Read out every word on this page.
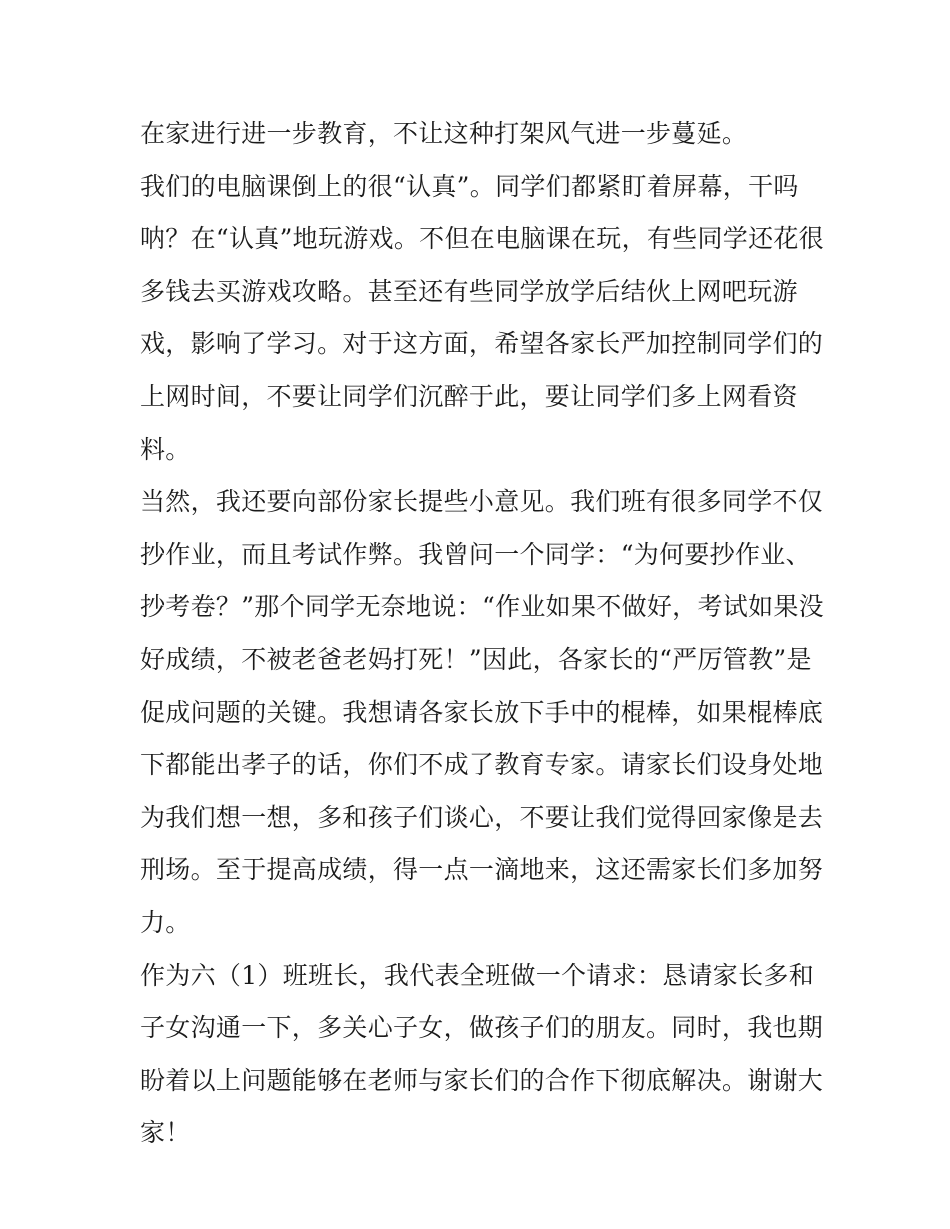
在家进行进一步教育，不让这种打架风气进一步蔓延。
我们的电脑课倒上的很“认真”。同学们都紧盯着屏幕，干吗
呐？在“认真”地玩游戏。不但在电脑课在玩，有些同学还花很
多钱去买游戏攻略。甚至还有些同学放学后结伙上网吧玩游
戏，影响了学习。对于这方面，希望各家长严加控制同学们的
上网时间，不要让同学们沉醉于此，要让同学们多上网看资
料。
当然，我还要向部份家长提些小意见。我们班有很多同学不仅
抄作业，而且考试作弊。我曾问一个同学：“为何要抄作业、
抄考卷？”那个同学无奈地说：“作业如果不做好，考试如果没
好成绩，不被老爸老妈打死！”因此，各家长的“严厉管教”是
促成问题的关键。我想请各家长放下手中的棍棒，如果棍棒底
下都能出孝子的话，你们不成了教育专家。请家长们设身处地
为我们想一想，多和孩子们谈心，不要让我们觉得回家像是去
刑场。至于提高成绩，得一点一滴地来，这还需家长们多加努
力。
作为六（1）班班长，我代表全班做一个请求：恳请家长多和
子女沟通一下，多关心子女，做孩子们的朋友。同时，我也期
盼着以上问题能够在老师与家长们的合作下彻底解决。谢谢大
家！
